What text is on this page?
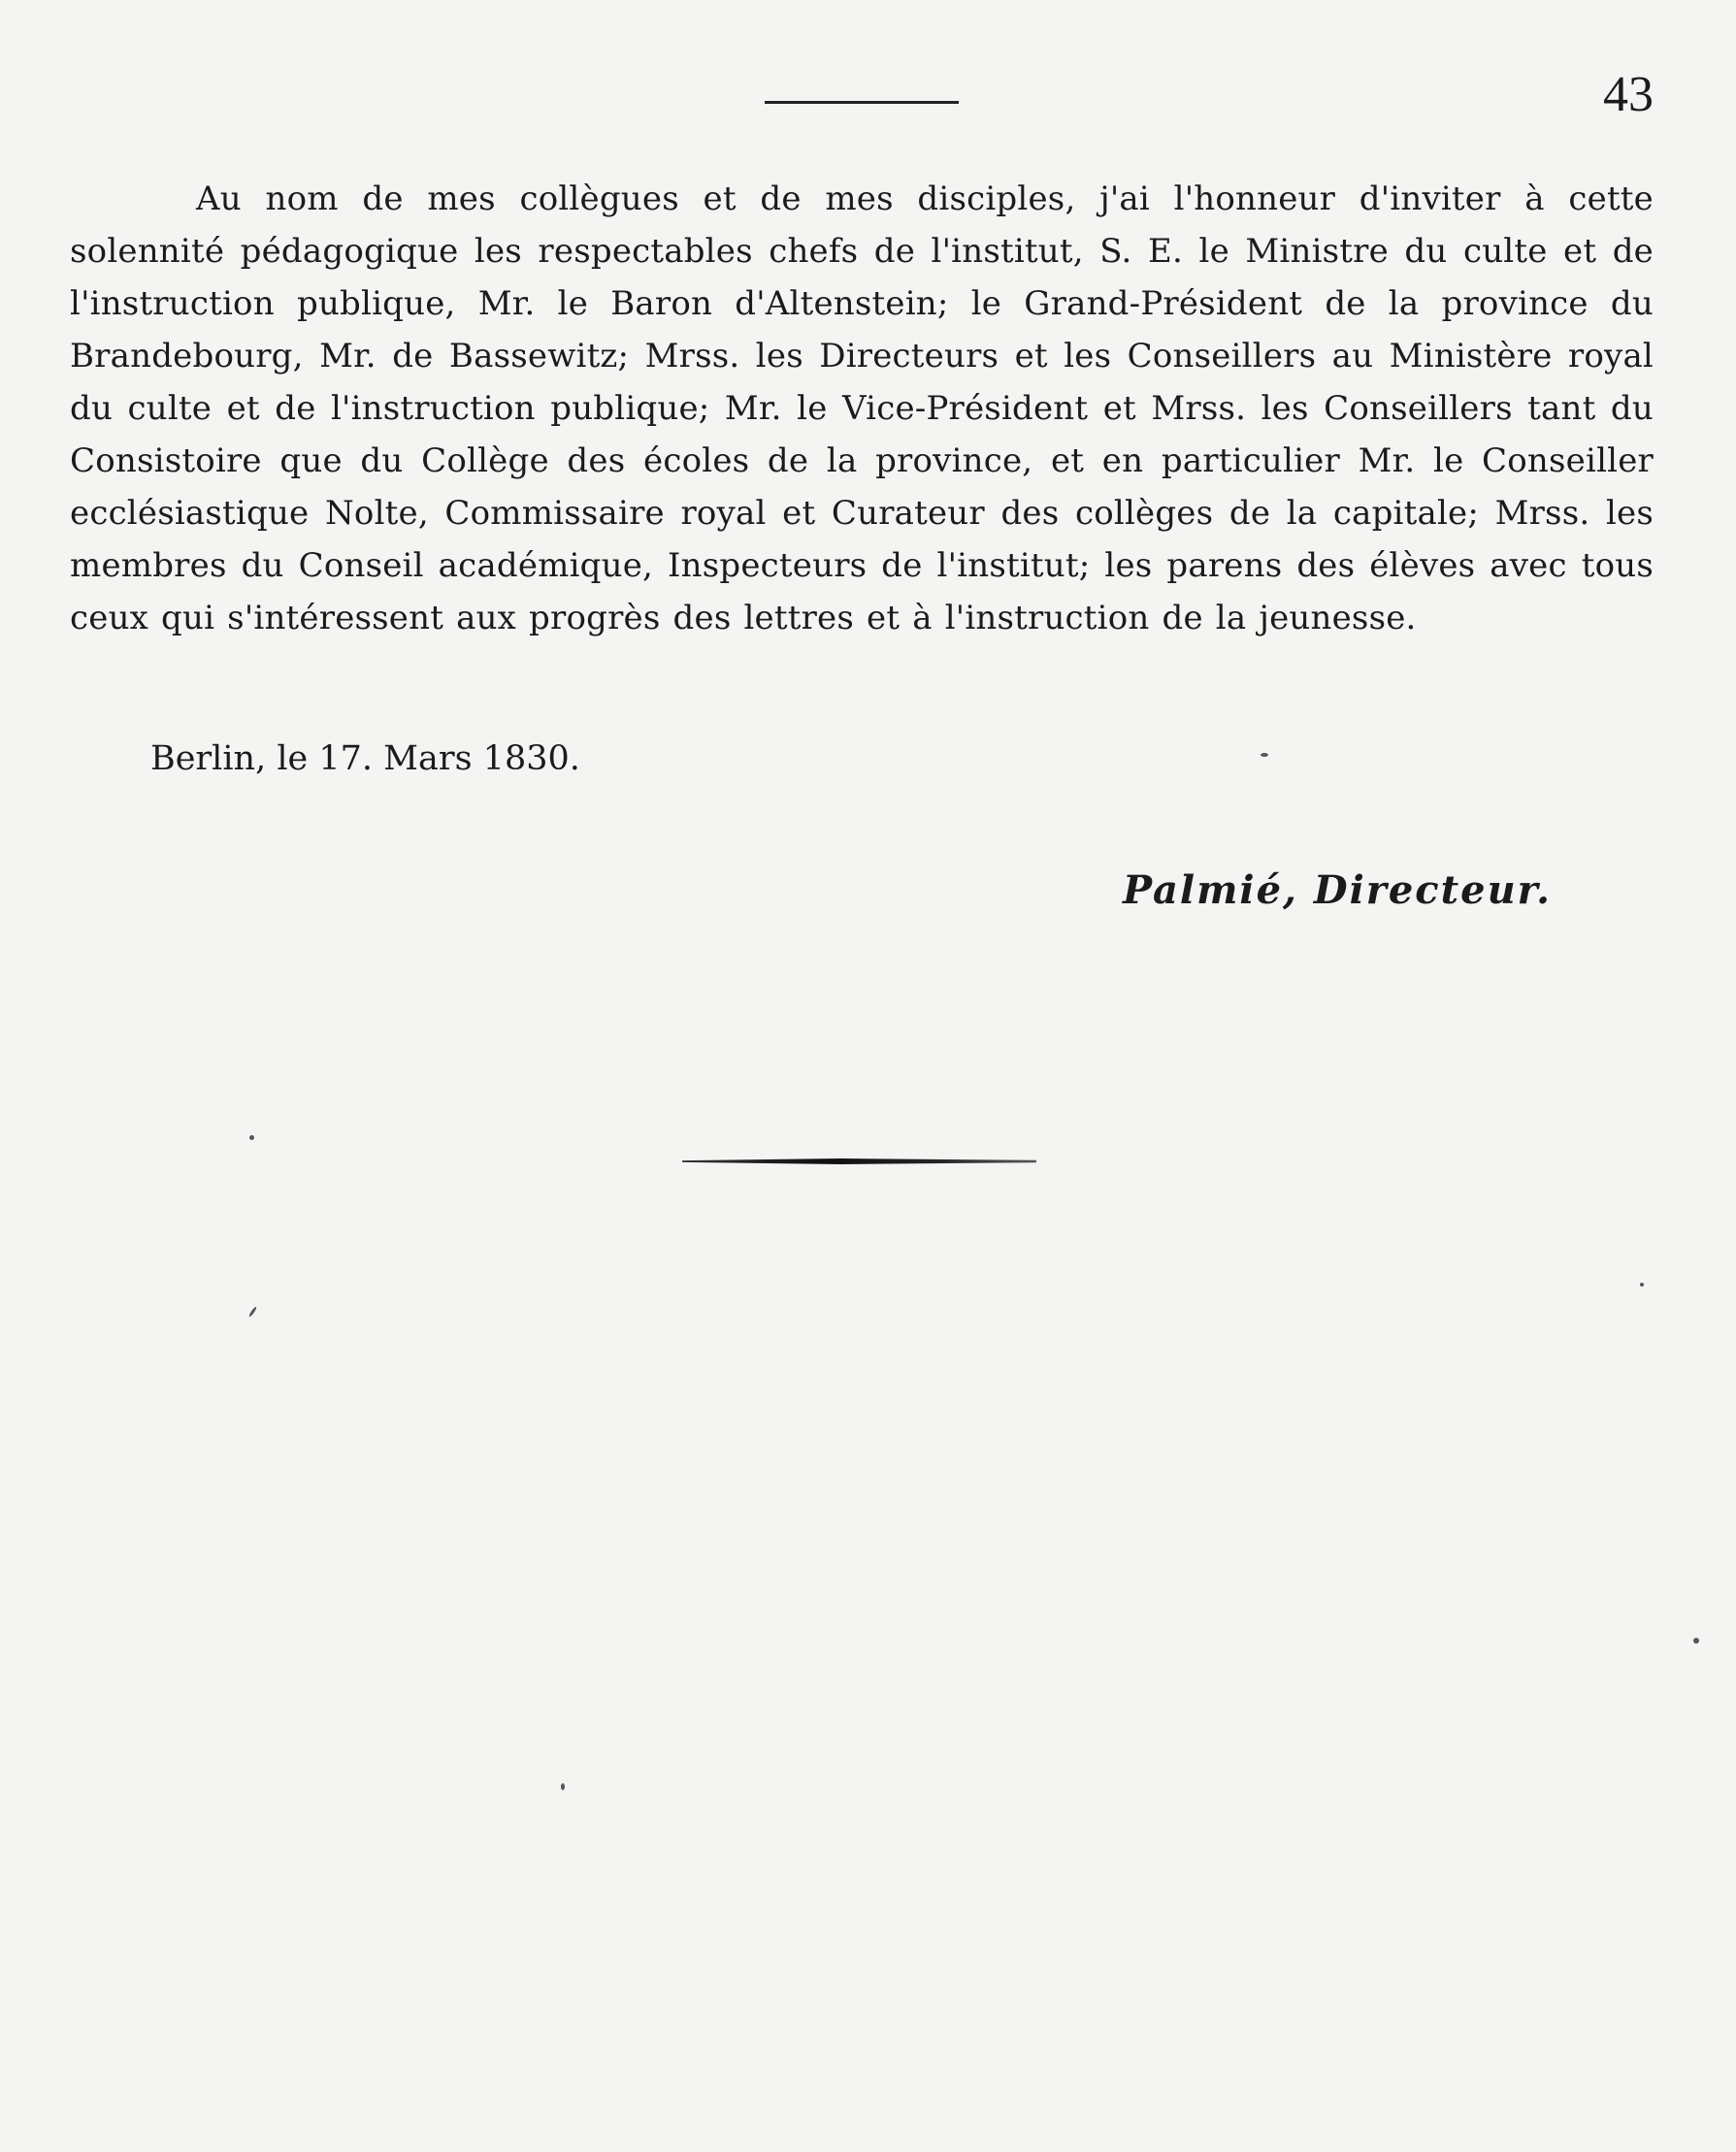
43

Au nom de mes collègues et de mes disciples, j'ai l'honneur d'inviter à cette solennité pédagogique les respectables chefs de l'institut, S. E. le Ministre du culte et de l'instruction publique, Mr. le Baron d'Altenstein; le Grand-Président de la province du Brandebourg, Mr. de Bassewitz; Mrss. les Directeurs et les Conseillers au Ministère royal du culte et de l'instruction publique; Mr. le Vice-Président et Mrss. les Conseillers tant du Consistoire que du Collège des écoles de la province, et en particulier Mr. le Conseiller ecclésiastique Nolte, Commissaire royal et Curateur des collèges de la capitale; Mrss. les membres du Conseil académique, Inspecteurs de l'institut; les parens des élèves avec tous ceux qui s'intéressent aux progrès des lettres et à l'instruction de la jeunesse.

Berlin, le 17. Mars 1830.

Palmié, Directeur.
